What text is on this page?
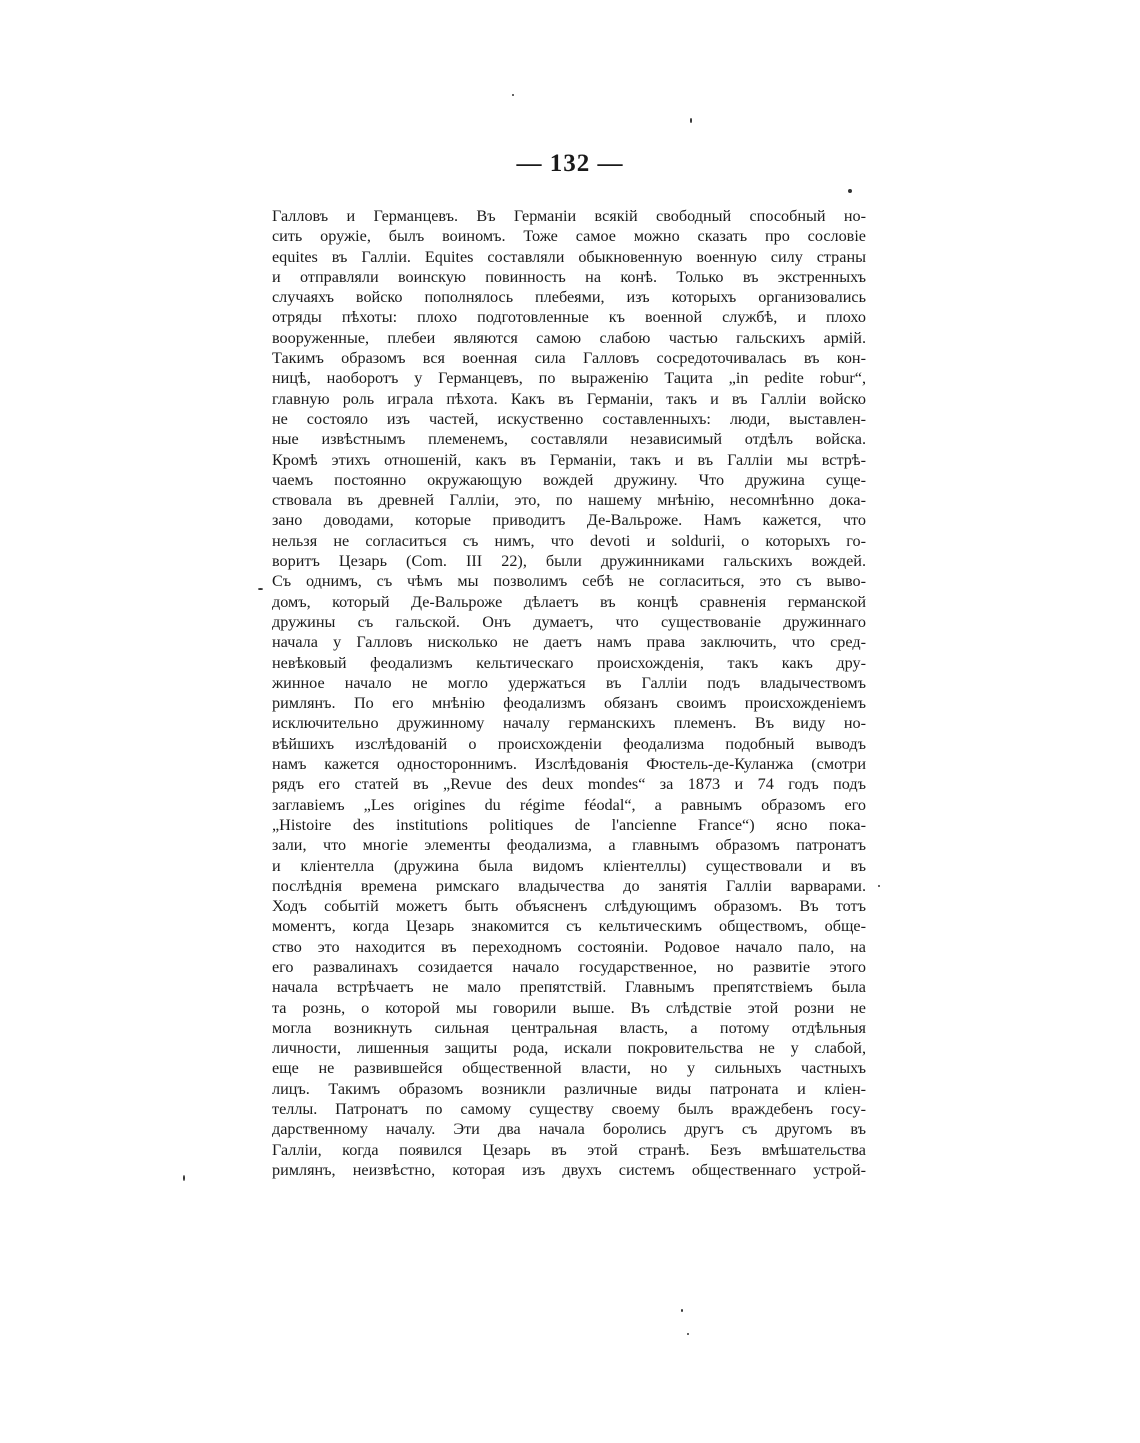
— 132 —
Галловъ и Германцевъ. Въ Германіи всякій свободный способный но-
сить оружіе, былъ воиномъ. Тоже самое можно сказать про сословіе
equites въ Галліи. Equites составляли обыкновенную военную силу страны
и отправляли воинскую повинность на конѣ. Только въ экстренныхъ
случаяхъ войско пополнялось плебеями, изъ которыхъ организовались
отряды пѣхоты: плохо подготовленные къ военной службѣ, и плохо
вооруженные, плебеи являются самою слабою частью гальскихъ армій.
Такимъ образомъ вся военная сила Галловъ сосредоточивалась въ кон-
ницѣ, наоборотъ у Германцевъ, по выраженію Тацита „in pedite robur“,
главную роль играла пѣхота. Какъ въ Германіи, такъ и въ Галліи войско
не состояло изъ частей, искуственно составленныхъ: люди, выставлен-
ные извѣстнымъ племенемъ, составляли независимый отдѣлъ войска.
Кромѣ этихъ отношеній, какъ въ Германіи, такъ и въ Галліи мы встрѣ-
чаемъ постоянно окружающую вождей дружину. Что дружина суще-
ствовала въ древней Галліи, это, по нашему мнѣнію, несомнѣнно дока-
зано доводами, которые приводитъ Де-Вальроже. Намъ кажется, что
нельзя не согласиться съ нимъ, что devoti и soldurii, о которыхъ го-
воритъ Цезарь (Com. III 22), были дружинниками гальскихъ вождей.
Съ однимъ, съ чѣмъ мы позволимъ себѣ не согласиться, это съ выво-
домъ, который Де-Вальроже дѣлаетъ въ концѣ сравненія германской
дружины съ гальской. Онъ думаетъ, что существованіе дружиннаго
начала у Галловъ нисколько не даетъ намъ права заключить, что сред-
невѣковый феодализмъ кельтическаго происхожденія, такъ какъ дру-
жинное начало не могло удержаться въ Галліи подъ владычествомъ
римлянъ. По его мнѣнію феодализмъ обязанъ своимъ происхожденіемъ
исключительно дружинному началу германскихъ племенъ. Въ виду но-
вѣйшихъ изслѣдованій о происхожденіи феодализма подобный выводъ
намъ кажется одностороннимъ. Изслѣдованія Фюстель-де-Куланжа (смотри
рядъ его статей въ „Revue des deux mondes“ за 1873 и 74 годъ подъ
заглавіемъ „Les origines du régime féodal“, а равнымъ образомъ его
„Histoire des institutions politiques de l'ancienne France“) ясно пока-
зали, что многіе элементы феодализма, а главнымъ образомъ патронатъ
и кліентелла (дружина была видомъ кліентеллы) существовали и въ
послѣднія времена римскаго владычества до занятія Галліи варварами.
Ходъ событій можетъ быть объясненъ слѣдующимъ образомъ. Въ тотъ
моментъ, когда Цезарь знакомится съ кельтическимъ обществомъ, обще-
ство это находится въ переходномъ состояніи. Родовое начало пало, на
его развалинахъ созидается начало государственное, но развитіе этого
начала встрѣчаетъ не мало препятствій. Главнымъ препятствіемъ была
та рознь, о которой мы говорили выше. Въ слѣдствіе этой розни не
могла возникнуть сильная центральная власть, а потому отдѣльныя
личности, лишенныя защиты рода, искали покровительства не у слабой,
еще не развившейся общественной власти, но у сильныхъ частныхъ
лицъ. Такимъ образомъ возникли различные виды патроната и кліен-
теллы. Патронатъ по самому существу своему былъ враждебенъ госу-
дарственному началу. Эти два начала боролись другъ съ другомъ въ
Галліи, когда появился Цезарь въ этой странѣ. Безъ вмѣшательства
римлянъ, неизвѣстно, которая изъ двухъ системъ общественнаго устрой-
